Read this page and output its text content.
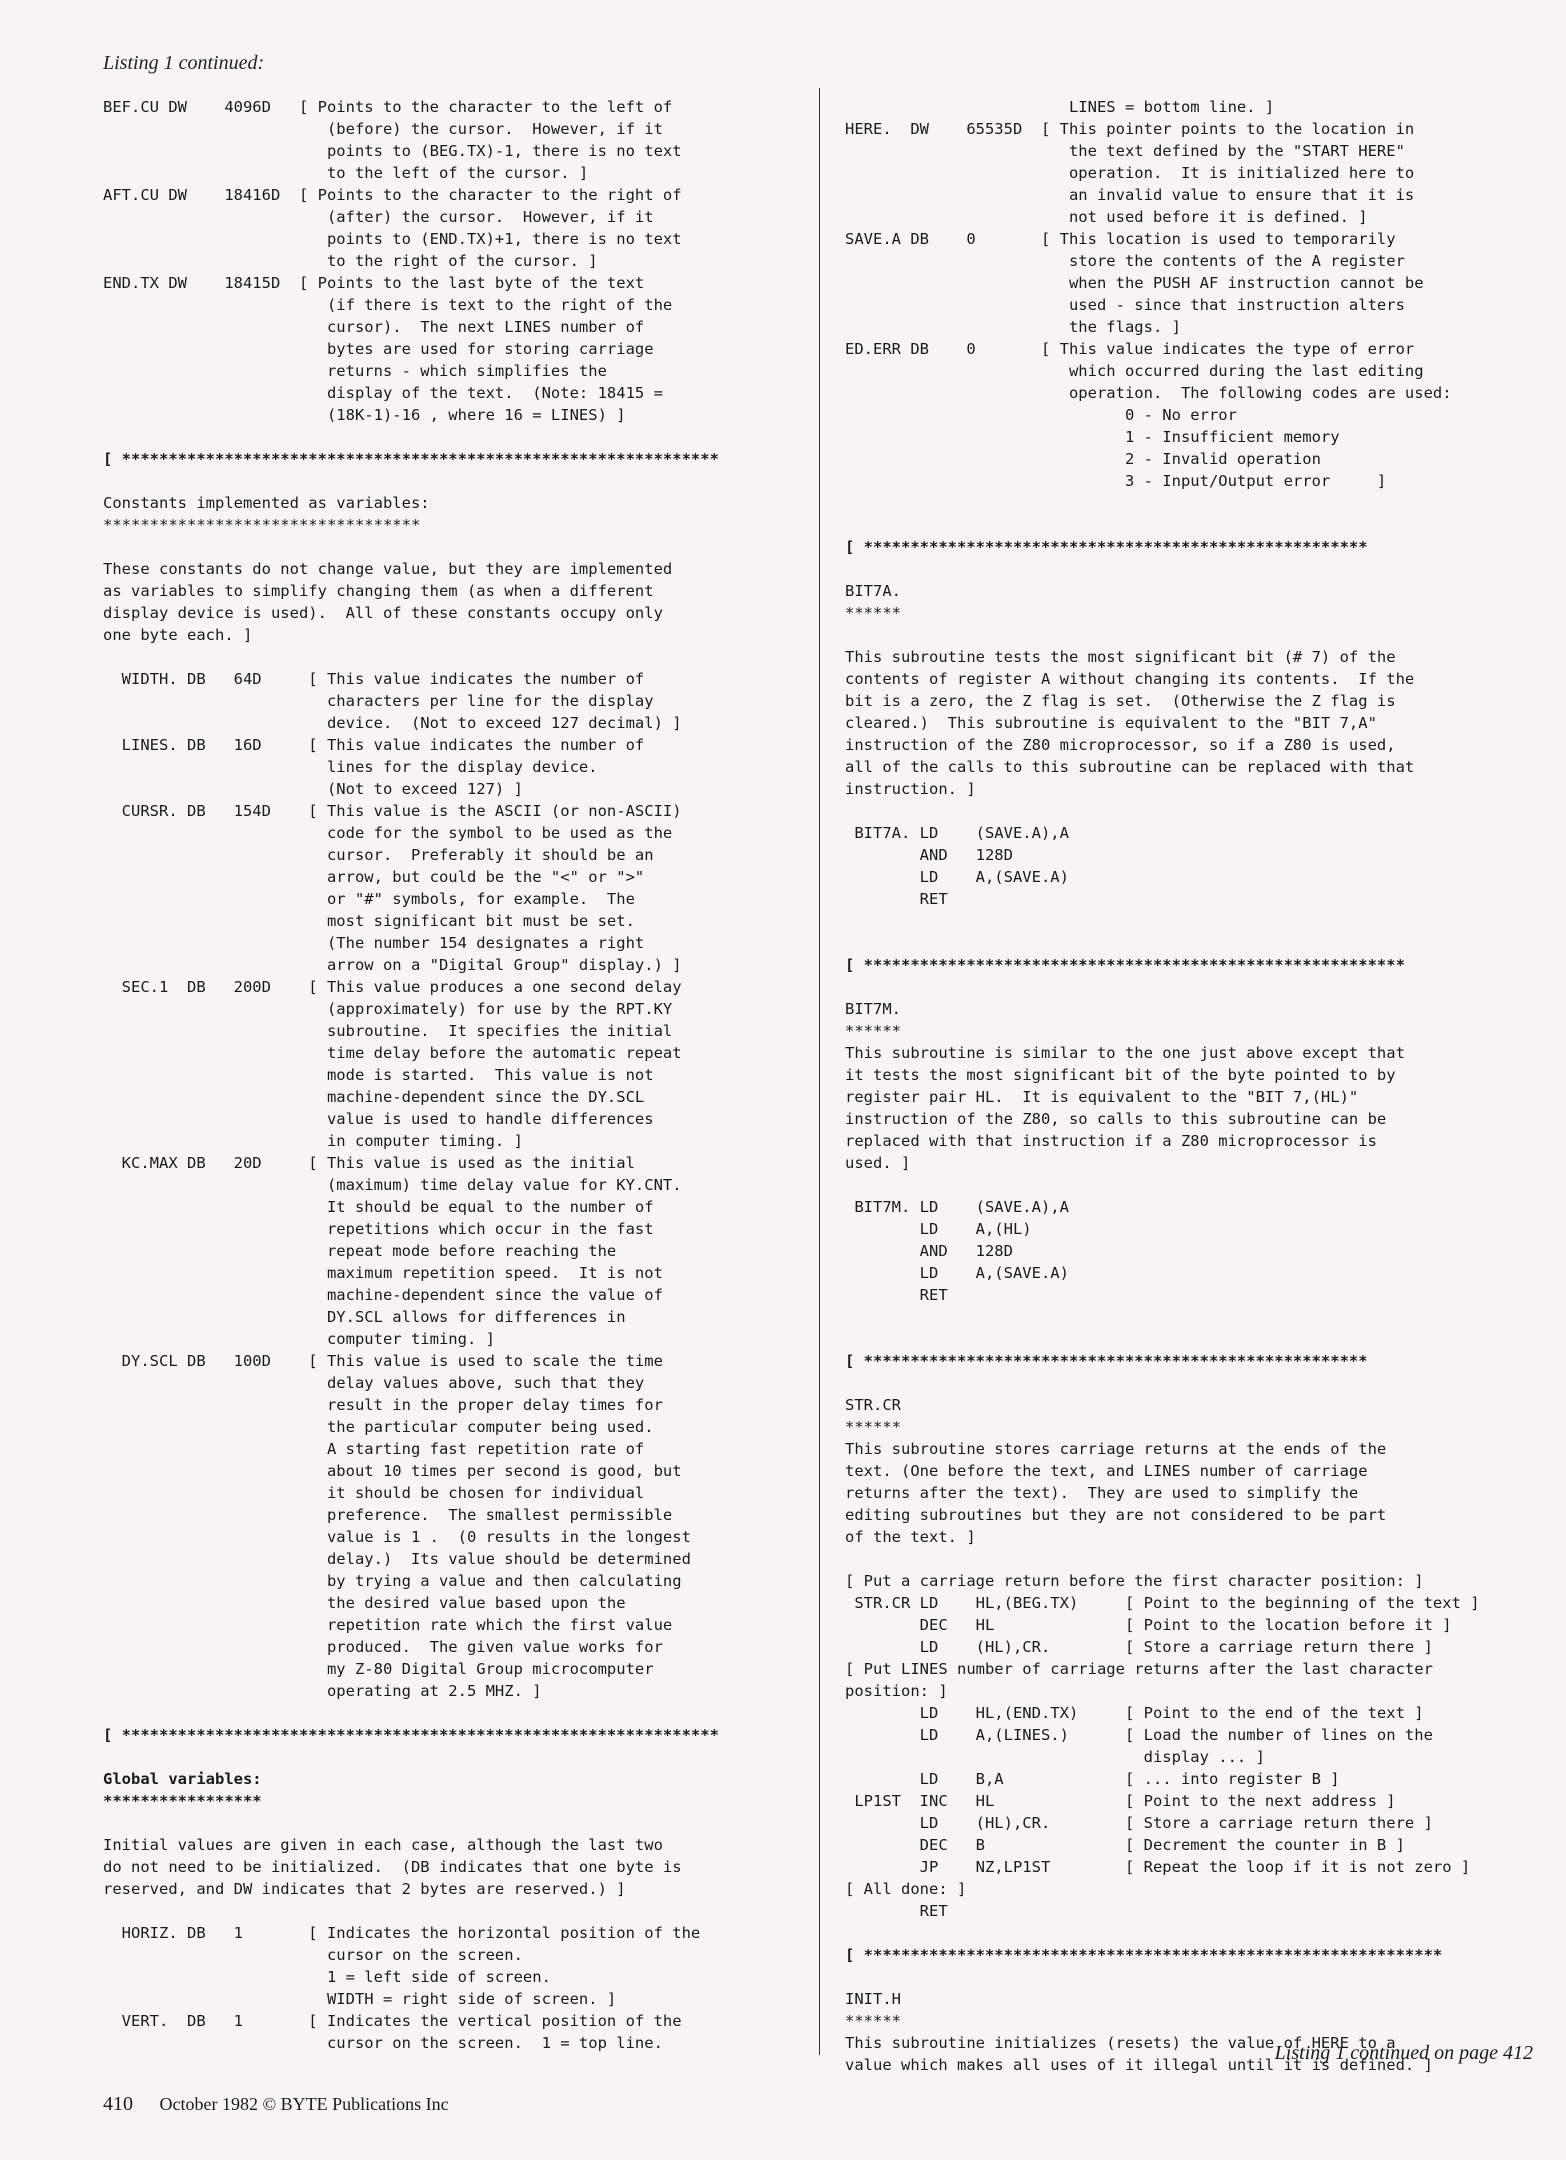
Listing 1 continued:
BEF.CU DW    4096D   [ Points to the character to the left of
(before) the cursor.  However, if it
points to (BEG.TX)-1, there is no text
to the left of the cursor. ]
AFT.CU DW    18416D  [ Points to the character to the right of
(after) the cursor.  However, if it
points to (END.TX)+1, there is no text
to the right of the cursor. ]
END.TX DW    18415D  [ Points to the last byte of the text
(if there is text to the right of the
cursor).  The next LINES number of
bytes are used for storing carriage
returns - which simplifies the
display of the text.  (Note: 18415 =
(18K-1)-16 , where 16 = LINES) ]
[ ****************************************************************
Constants implemented as variables:
**********************************
These constants do not change value, but they are implemented
as variables to simplify changing them (as when a different
display device is used).  All of these constants occupy only
one byte each. ]
WIDTH. DB   64D     [ This value indicates the number of
characters per line for the display
device.  (Not to exceed 127 decimal) ]
LINES. DB   16D     [ This value indicates the number of
lines for the display device.
(Not to exceed 127) ]
CURSR. DB   154D    [ This value is the ASCII (or non-ASCII)
code for the symbol to be used as the
cursor.  Preferably it should be an
arrow, but could be the "<" or ">"
or "#" symbols, for example.  The
most significant bit must be set.
(The number 154 designates a right
arrow on a "Digital Group" display.) ]
SEC.1  DB   200D    [ This value produces a one second delay
(approximately) for use by the RPT.KY
subroutine.  It specifies the initial
time delay before the automatic repeat
mode is started.  This value is not
machine-dependent since the DY.SCL
value is used to handle differences
in computer timing. ]
KC.MAX DB   20D     [ This value is used as the initial
(maximum) time delay value for KY.CNT.
It should be equal to the number of
repetitions which occur in the fast
repeat mode before reaching the
maximum repetition speed.  It is not
machine-dependent since the value of
DY.SCL allows for differences in
computer timing. ]
DY.SCL DB   100D    [ This value is used to scale the time
delay values above, such that they
result in the proper delay times for
the particular computer being used.
A starting fast repetition rate of
about 10 times per second is good, but
it should be chosen for individual
preference.  The smallest permissible
value is 1 .  (0 results in the longest
delay.)  Its value should be determined
by trying a value and then calculating
the desired value based upon the
repetition rate which the first value
produced.  The given value works for
my Z-80 Digital Group microcomputer
operating at 2.5 MHZ. ]
[ ****************************************************************
Global variables:
*****************
Initial values are given in each case, although the last two
do not need to be initialized.  (DB indicates that one byte is
reserved, and DW indicates that 2 bytes are reserved.) ]
HORIZ. DB   1       [ Indicates the horizontal position of the
cursor on the screen.
1 = left side of screen.
WIDTH = right side of screen. ]
VERT.  DB   1       [ Indicates the vertical position of the
cursor on the screen.  1 = top line.
LINES = bottom line. ]
HERE.  DW    65535D  [ This pointer points to the location in
the text defined by the "START HERE"
operation.  It is initialized here to
an invalid value to ensure that it is
not used before it is defined. ]
SAVE.A DB    0       [ This location is used to temporarily
store the contents of the A register
when the PUSH AF instruction cannot be
used - since that instruction alters
the flags. ]
ED.ERR DB    0       [ This value indicates the type of error
which occurred during the last editing
operation.  The following codes are used:
0 - No error
1 - Insufficient memory
2 - Invalid operation
3 - Input/Output error     ]
[ ******************************************************
BIT7A.
******
This subroutine tests the most significant bit (# 7) of the
contents of register A without changing its contents.  If the
bit is a zero, the Z flag is set.  (Otherwise the Z flag is
cleared.)  This subroutine is equivalent to the "BIT 7,A"
instruction of the Z80 microprocessor, so if a Z80 is used,
all of the calls to this subroutine can be replaced with that
instruction. ]
BIT7A. LD    (SAVE.A),A
AND   128D
LD    A,(SAVE.A)
RET
[ **********************************************************
BIT7M.
******
This subroutine is similar to the one just above except that
it tests the most significant bit of the byte pointed to by
register pair HL.  It is equivalent to the "BIT 7,(HL)"
instruction of the Z80, so calls to this subroutine can be
replaced with that instruction if a Z80 microprocessor is
used. ]
BIT7M. LD    (SAVE.A),A
LD    A,(HL)
AND   128D
LD    A,(SAVE.A)
RET
[ ******************************************************
STR.CR
******
This subroutine stores carriage returns at the ends of the
text. (One before the text, and LINES number of carriage
returns after the text).  They are used to simplify the
editing subroutines but they are not considered to be part
of the text. ]
[ Put a carriage return before the first character position: ]
STR.CR LD    HL,(BEG.TX)     [ Point to the beginning of the text ]
DEC   HL              [ Point to the location before it ]
LD    (HL),CR.        [ Store a carriage return there ]
[ Put LINES number of carriage returns after the last character
position: ]
LD    HL,(END.TX)     [ Point to the end of the text ]
LD    A,(LINES.)      [ Load the number of lines on the
display ... ]
LD    B,A             [ ... into register B ]
LP1ST  INC   HL              [ Point to the next address ]
LD    (HL),CR.        [ Store a carriage return there ]
DEC   B               [ Decrement the counter in B ]
JP    NZ,LP1ST        [ Repeat the loop if it is not zero ]
[ All done: ]
RET
[ **************************************************************
INIT.H
******
This subroutine initializes (resets) the value of HERE to a
value which makes all uses of it illegal until it is defined. ]
Listing 1 continued on page 412
410 October 1982 © BYTE Publications Inc
